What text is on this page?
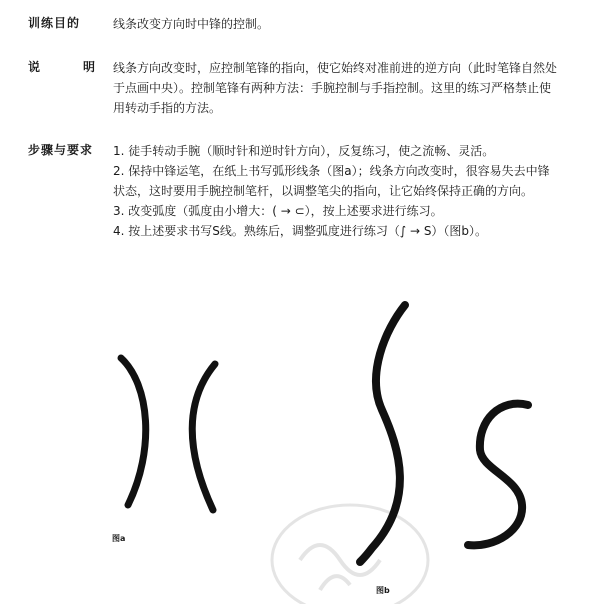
训练目的	线条改变方向时中锋的控制。

说	明 线条方向改变时，应控制笔锋的指向，使它始终对准前进的逆方向（此时笔锋自然处

于点画中央）。控制笔锋有两种方法：手腕控制与手指控制。这里的练习严格禁止使

用转动手指的方法。

步骤与要求	1. 徒手转动手腕（顺时针和逆时针方向），反复练习，使之流畅、灵活。

2. 保持中锋运笔，在纸上书写弧形线条（图a）；线条方向改变时，很容易失去中锋

状态，这时要用手腕控制笔杆，以调整笔尖的指向，让它始终保持正确的方向。

3. 改变弧度（弧度由小增大：( → ⊂），按上述要求进行练习。

4. 按上述要求书写S线。熟练后，调整弧度进行练习（∫ → S）（图b）。

图a
图b
